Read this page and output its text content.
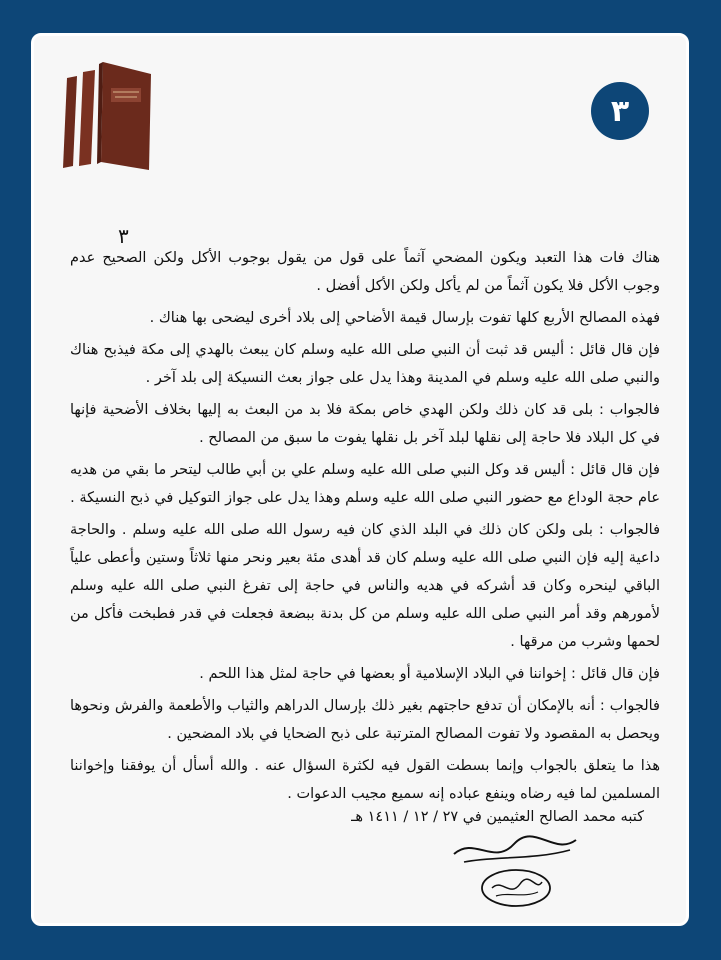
٣
٣

هناك فات هذا التعبد ويكون المضحي آثماً على قول من يقول بوجوب الأكل ولكن الصحيح عدم وجوب الأكل فلا يكون آثماً من لم يأكل ولكن الأكل أفضل .

فهذه المصالح الأربع كلها تفوت بإرسال قيمة الأضاحي إلى بلاد أخرى ليضحى بها هناك .

فإن قال قائل : أليس قد ثبت أن النبي صلى الله عليه وسلم كان يبعث بالهدي إلى مكة فيذبح هناك والنبي صلى الله عليه وسلم في المدينة وهذا يدل على جواز بعث النسيكة إلى بلد آخر .

فالجواب : بلى قد كان ذلك ولكن الهدي خاص بمكة فلا بد من البعث به إليها بخلاف الأضحية فإنها في كل البلاد فلا حاجة إلى نقلها لبلد آخر بل نقلها يفوت ما سبق من المصالح .

فإن قال قائل : أليس قد وكل النبي صلى الله عليه وسلم علي بن أبي طالب ليتحر ما بقي من هديه عام حجة الوداع مع حضور النبي صلى الله عليه وسلم وهذا يدل على جواز التوكيل في ذبح النسيكة .

فالجواب : بلى ولكن كان ذلك في البلد الذي كان فيه رسول الله صلى الله عليه وسلم . والحاجة داعية إليه فإن النبي صلى الله عليه وسلم كان قد أهدى مئة بعير ونحر منها ثلاثاً وستين وأعطى علياً الباقي لينحره وكان قد أشركه في هديه والناس في حاجة إلى تفرغ النبي صلى الله عليه وسلم لأمورهم وقد أمر النبي صلى الله عليه وسلم من كل بدنة ببضعة فجعلت في قدر فطبخت فأكل من لحمها وشرب من مرقها .

فإن قال قائل : إخواننا في البلاد الإسلامية أو بعضها في حاجة لمثل هذا اللحم .

فالجواب : أنه بالإمكان أن تدفع حاجتهم بغير ذلك بإرسال الدراهم والثياب والأطعمة والفرش ونحوها ويحصل به المقصود ولا تفوت المصالح المترتبة على ذبح الضحايا في بلاد المضحين .

هذا ما يتعلق بالجواب وإنما بسطت القول فيه لكثرة السؤال عنه . والله أسأل أن يوفقنا وإخواننا المسلمين لما فيه رضاه وينفع عباده إنه سميع مجيب الدعوات .

كتبه محمد الصالح العثيمين في ٢٧ / ١٢ / ١٤١١ هـ
